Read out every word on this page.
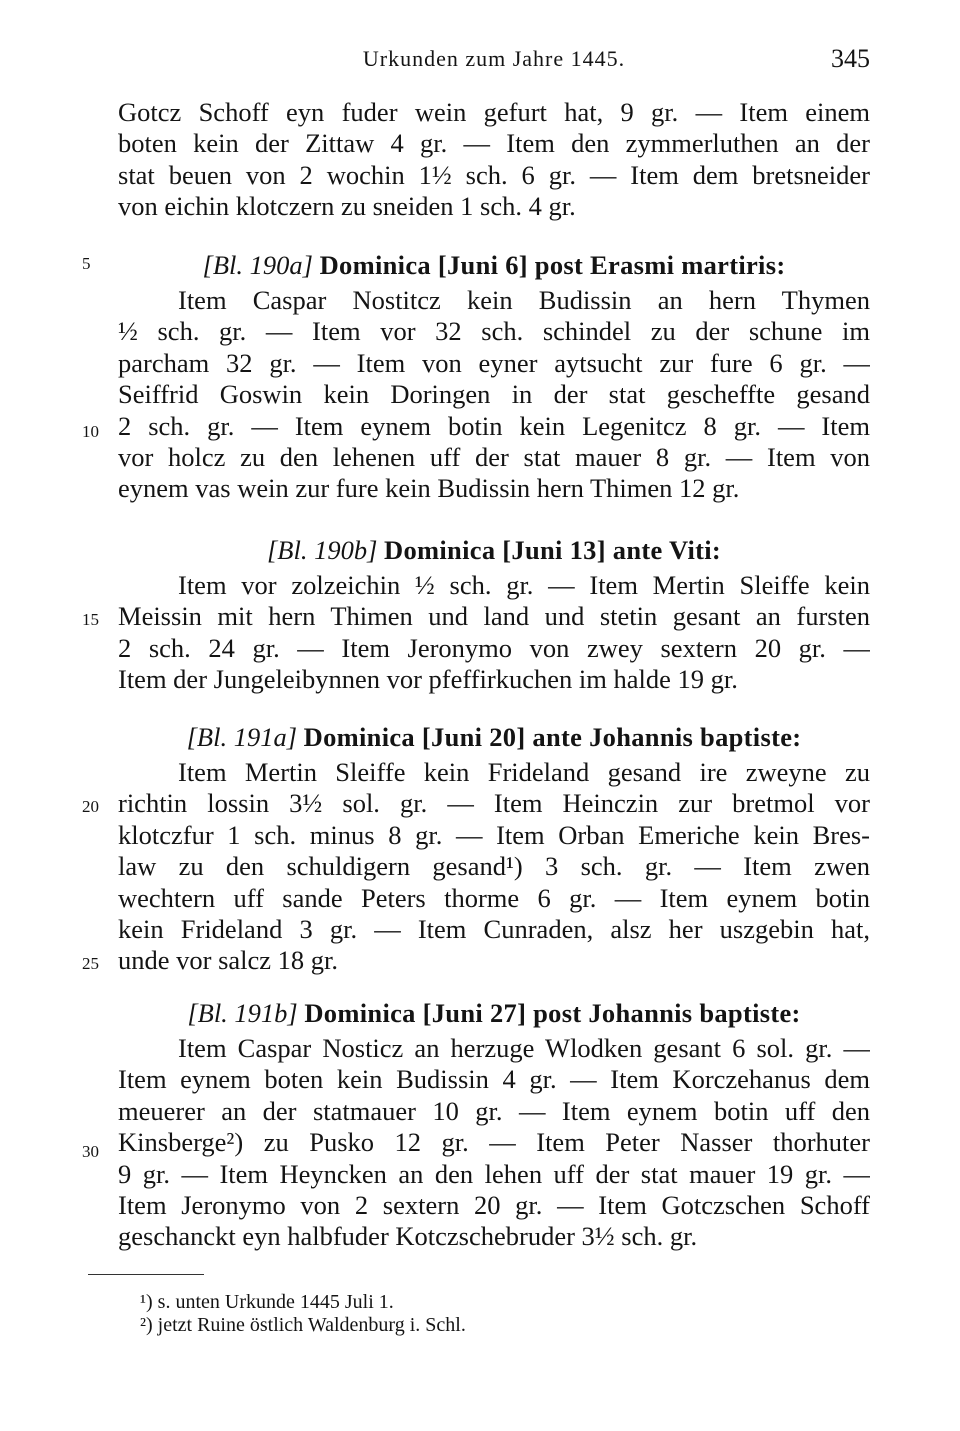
Urkunden zum Jahre 1445.	345
Gotcz Schoff eyn fuder wein gefurt hat, 9 gr. — Item einem
boten kein der Zittaw 4 gr. — Item den zymmerluthen an der
stat beuen von 2 wochin 1½ sch. 6 gr. — Item dem bretsneider
von eichin klotczern zu sneiden 1 sch. 4 gr.
[Bl. 190a] Dominica [Juni 6] post Erasmi martiris:
Item Caspar Nostitcz kein Budissin an hern Thymen
½ sch. gr. — Item vor 32 sch. schindel zu der schune im
parcham 32 gr. — Item von eyner aytsucht zur fure 6 gr. —
Seiffrid Goswin kein Doringen in der stat gescheffte gesand
2 sch. gr. — Item eynem botin kein Legenitcz 8 gr. — Item
vor holcz zu den lehenen uff der stat mauer 8 gr. — Item von
eynem vas wein zur fure kein Budissin hern Thimen 12 gr.
[Bl. 190b] Dominica [Juni 13] ante Viti:
Item vor zolzeichin ½ sch. gr. — Item Mertin Sleiffe kein
Meissin mit hern Thimen und land und stetin gesant an fursten
2 sch. 24 gr. — Item Jeronymo von zwey sextern 20 gr. —
Item der Jungeleibynnen vor pfeffirkuchen im halde 19 gr.
[Bl. 191a] Dominica [Juni 20] ante Johannis baptiste:
Item Mertin Sleiffe kein Frideland gesand ire zweyne zu
richtin lossin 3½ sol. gr. — Item Heinczin zur bretmol vor
klotczfur 1 sch. minus 8 gr. — Item Orban Emeriche kein Bres-
law zu den schuldigern gesand¹) 3 sch. gr. — Item zwen
wechtern uff sande Peters thorme 6 gr. — Item eynem botin
kein Frideland 3 gr. — Item Cunraden, alsz her uszgebin hat,
unde vor salcz 18 gr.
[Bl. 191b] Dominica [Juni 27] post Johannis baptiste:
Item Caspar Nosticz an herzuge Wlodken gesant 6 sol. gr. —
Item eynem boten kein Budissin 4 gr. — Item Korczehanus dem
meuerer an der statmauer 10 gr. — Item eynem botin uff den
Kinsberge²) zu Pusko 12 gr. — Item Peter Nasser thorhuter
9 gr. — Item Heyncken an den lehen uff der stat mauer 19 gr. —
Item Jeronymo von 2 sextern 20 gr. — Item Gotczschen Schoff
geschanckt eyn halbfuder Kotczschebruder 3½ sch. gr.
5
10
15
20
25
30
¹) s. unten Urkunde 1445 Juli 1.
²) jetzt Ruine östlich Waldenburg i. Schl.
